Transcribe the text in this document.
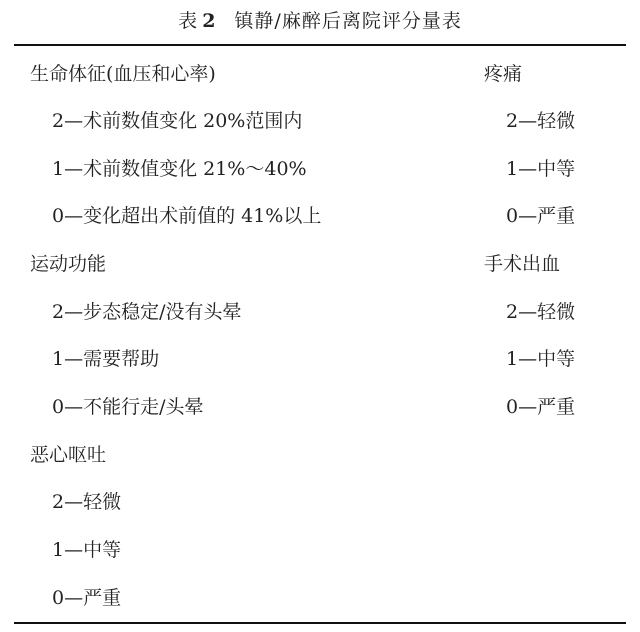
表 2 镇静/麻醉后离院评分量表
生命体征(血压和心率)
2—术前数值变化 20%范围内
1—术前数值变化 21%～40%
0—变化超出术前值的 41%以上
运动功能
2—步态稳定/没有头晕
1—需要帮助
0—不能行走/头晕
恶心呕吐
2—轻微
1—中等
0—严重
疼痛
2—轻微
1—中等
0—严重
手术出血
2—轻微
1—中等
0—严重
